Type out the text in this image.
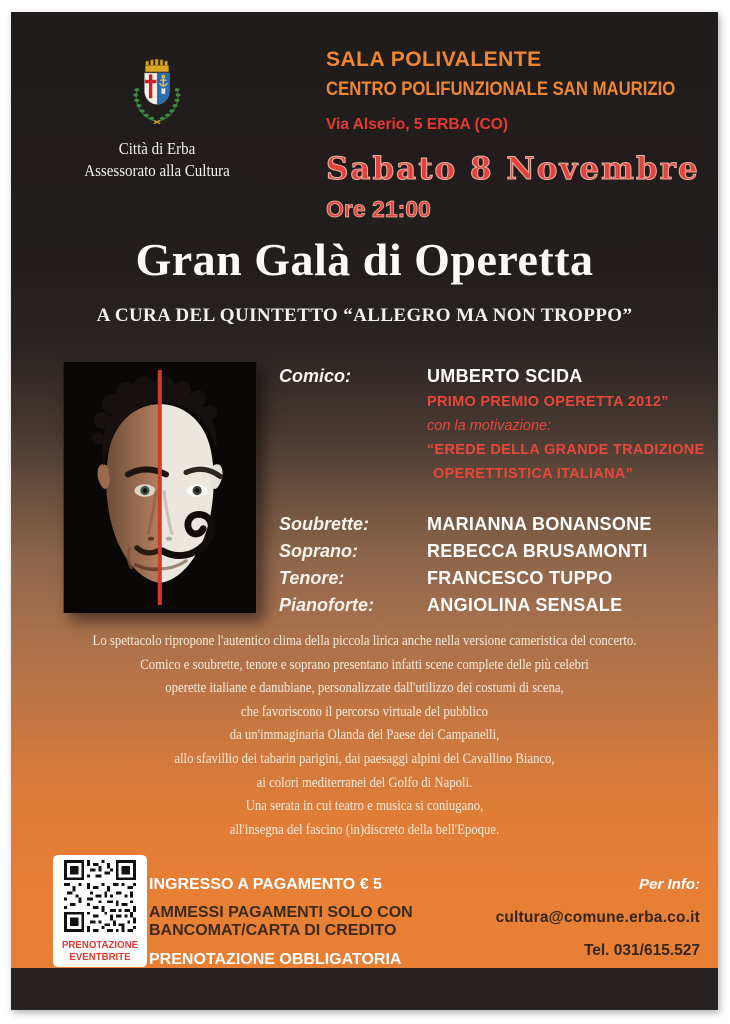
Città di Erba
Assessorato alla Cultura
SALA POLIVALENTE
CENTRO POLIFUNZIONALE SAN MAURIZIO
Via Alserio, 5 ERBA (CO)
Sabato 8 Novembre
Ore 21:00
Gran Galà di Operetta
A CURA DEL QUINTETTO “ALLEGRO MA NON TROPPO”
Comico:	UMBERTO SCIDA
PRIMO PREMIO OPERETTA 2012”
con la motivazione:
“EREDE DELLA GRANDE TRADIZIONE
OPERETTISTICA ITALIANA”
Soubrette:	MARIANNA BONANSONE
Soprano:	REBECCA BRUSAMONTI
Tenore:	FRANCESCO TUPPO
Pianoforte:	ANGIOLINA SENSALE
Lo spettacolo ripropone l'autentico clima della piccola lirica anche nella versione cameristica del concerto.
Comico e soubrette, tenore e soprano presentano infatti scene complete delle più celebri
operette italiane e danubiane, personalizzate dall'utilizzo dei costumi di scena,
che favoriscono il percorso virtuale del pubblico
da un'immaginaria Olanda del Paese dei Campanelli,
allo sfavillio dei tabarin parigini, dai paesaggi alpini del Cavallino Bianco,
ai colori mediterranei del Golfo di Napoli.
Una serata in cui teatro e musica si coniugano,
all'insegna del fascino (in)discreto della bell'Epoque.
PRENOTAZIONE
EVENTBRITE
INGRESSO A PAGAMENTO € 5
AMMESSI PAGAMENTI SOLO CON
BANCOMAT/CARTA DI CREDITO
PRENOTAZIONE OBBLIGATORIA
Per Info:
cultura@comune.erba.co.it
Tel. 031/615.527
